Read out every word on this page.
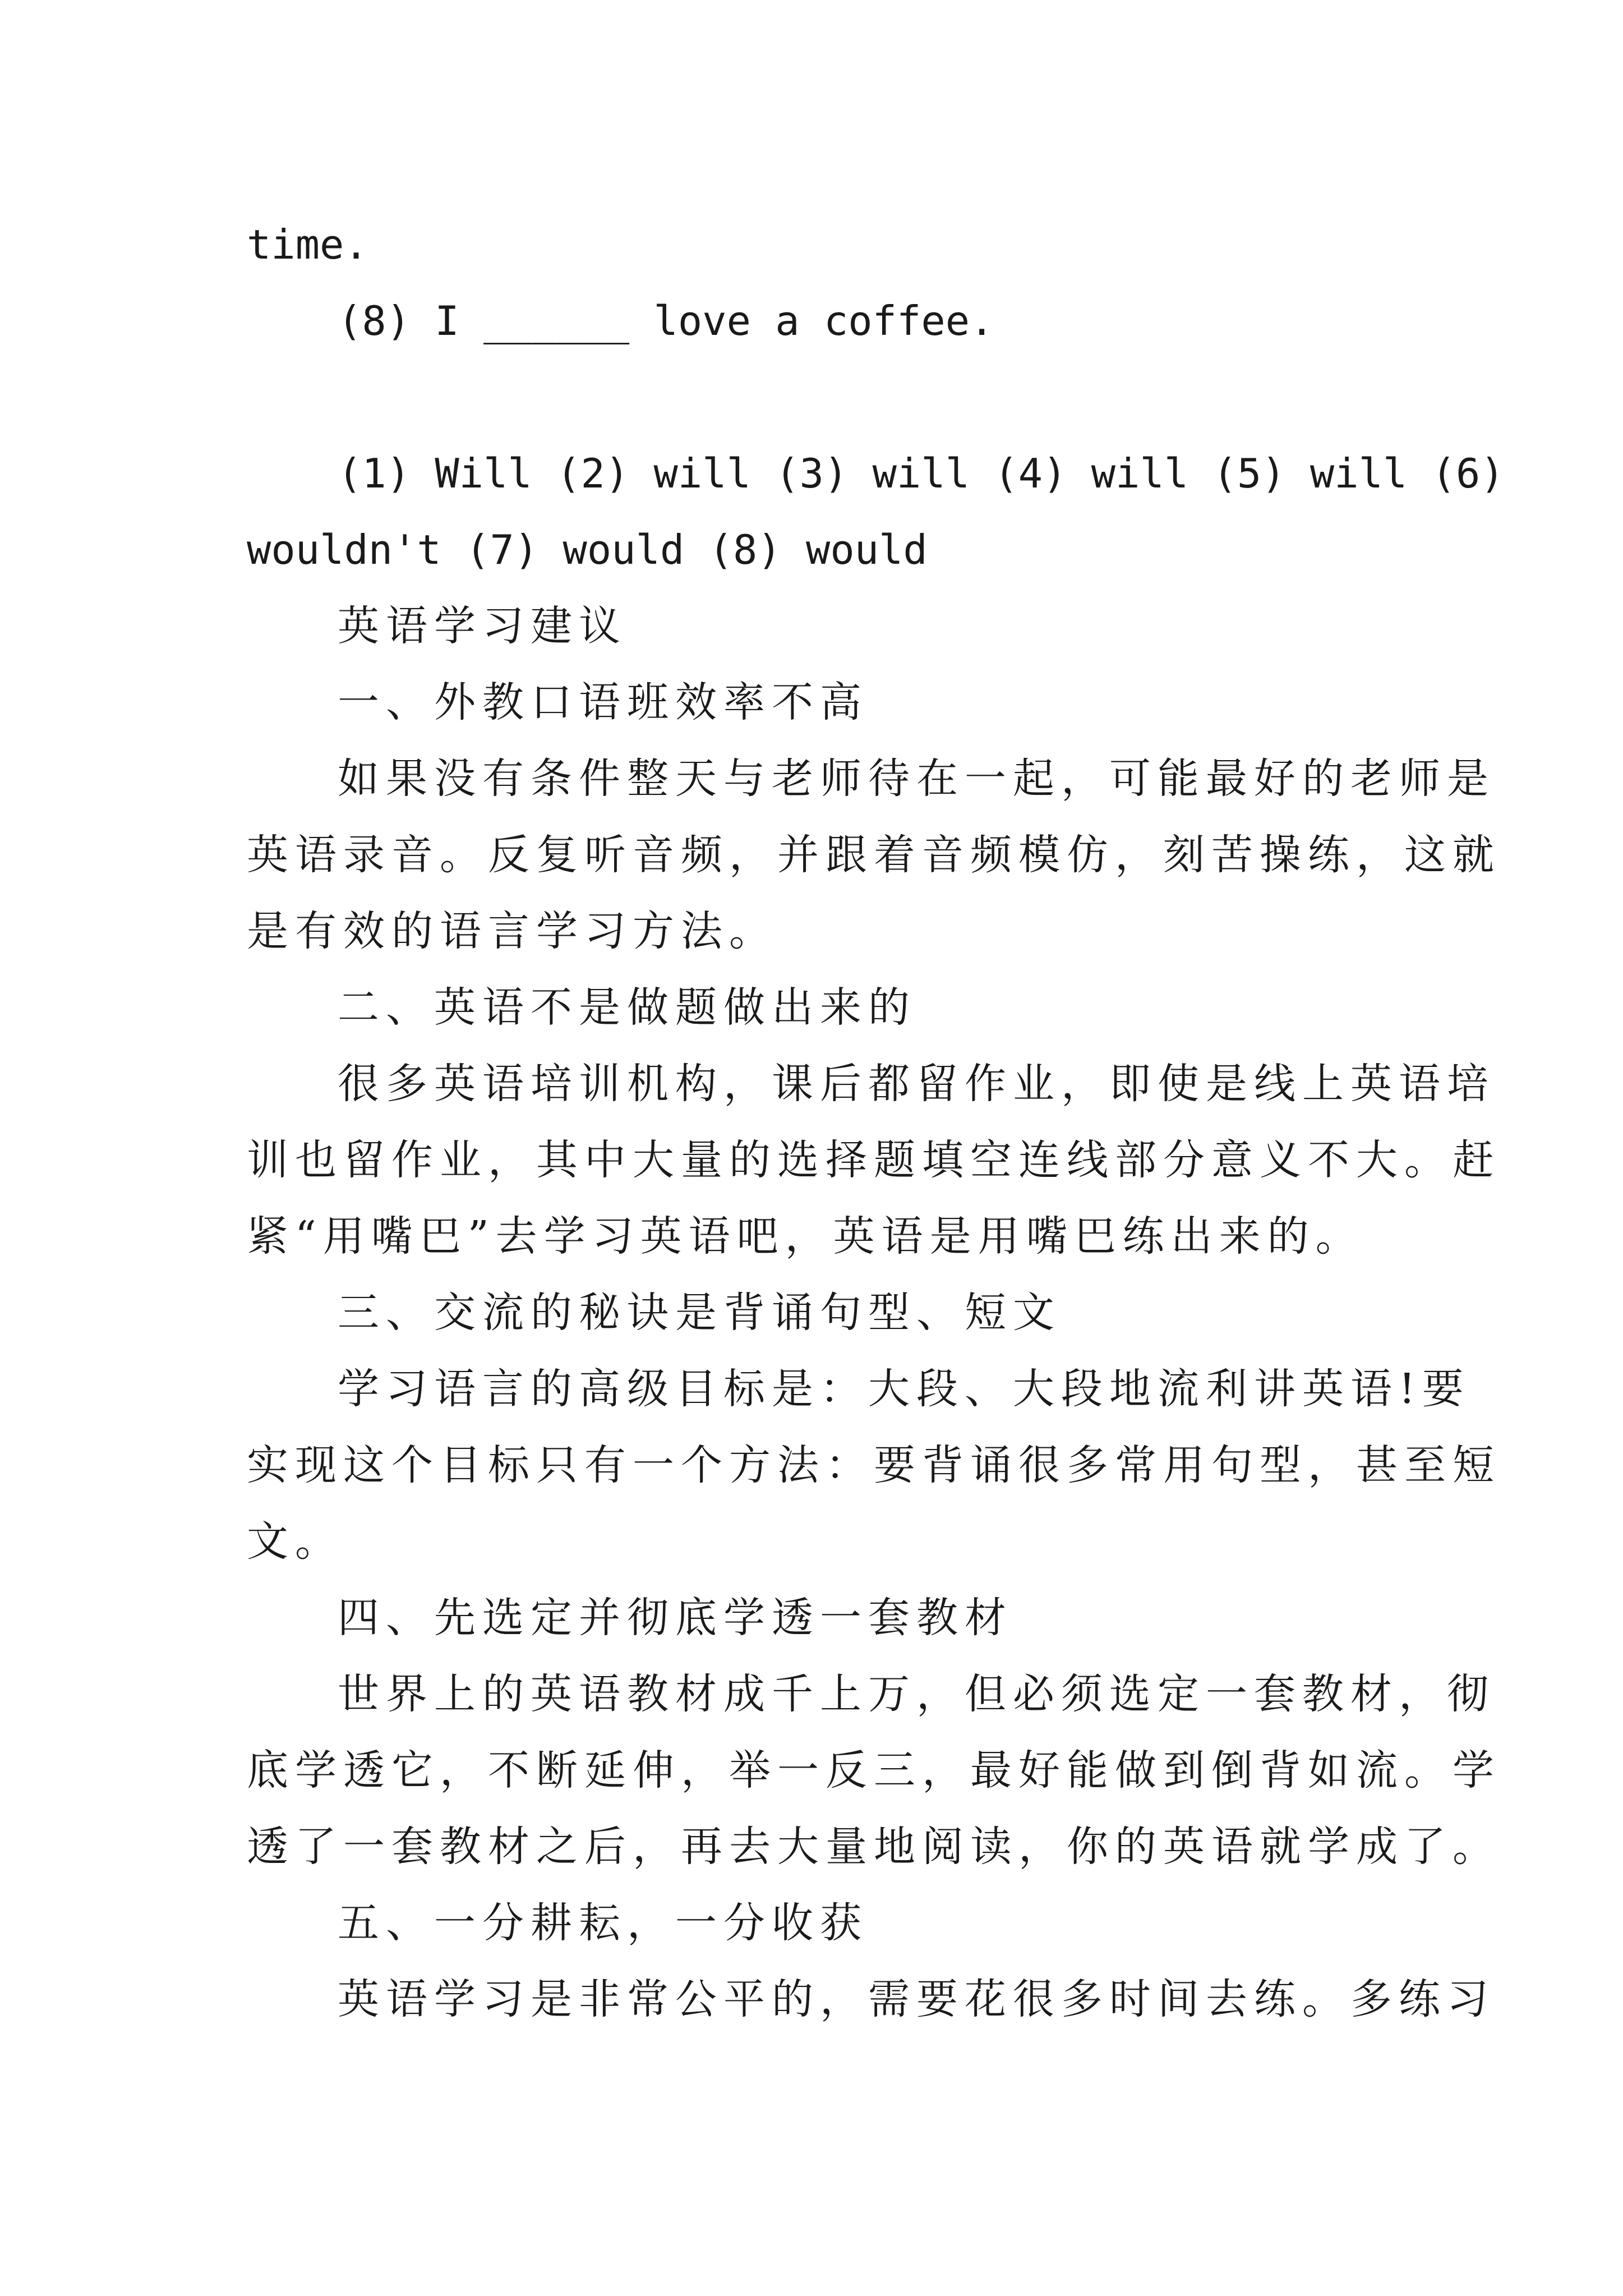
time.
(8) I ______ love a coffee.
(1) Will (2) will (3) will (4) will (5) will (6)
wouldn't (7) would (8) would
英语学习建议
一、外教口语班效率不高
如果没有条件整天与老师待在一起，可能最好的老师是
英语录音。反复听音频，并跟着音频模仿，刻苦操练，这就
是有效的语言学习方法。
二、英语不是做题做出来的
很多英语培训机构，课后都留作业，即使是线上英语培
训也留作业，其中大量的选择题填空连线部分意义不大。赶
紧“用嘴巴”去学习英语吧，英语是用嘴巴练出来的。
三、交流的秘诀是背诵句型、短文
学习语言的高级目标是：大段、大段地流利讲英语!要
实现这个目标只有一个方法：要背诵很多常用句型，甚至短
文。
四、先选定并彻底学透一套教材
世界上的英语教材成千上万，但必须选定一套教材，彻
底学透它，不断延伸，举一反三，最好能做到倒背如流。学
透了一套教材之后，再去大量地阅读，你的英语就学成了。
五、一分耕耘，一分收获
英语学习是非常公平的，需要花很多时间去练。多练习
